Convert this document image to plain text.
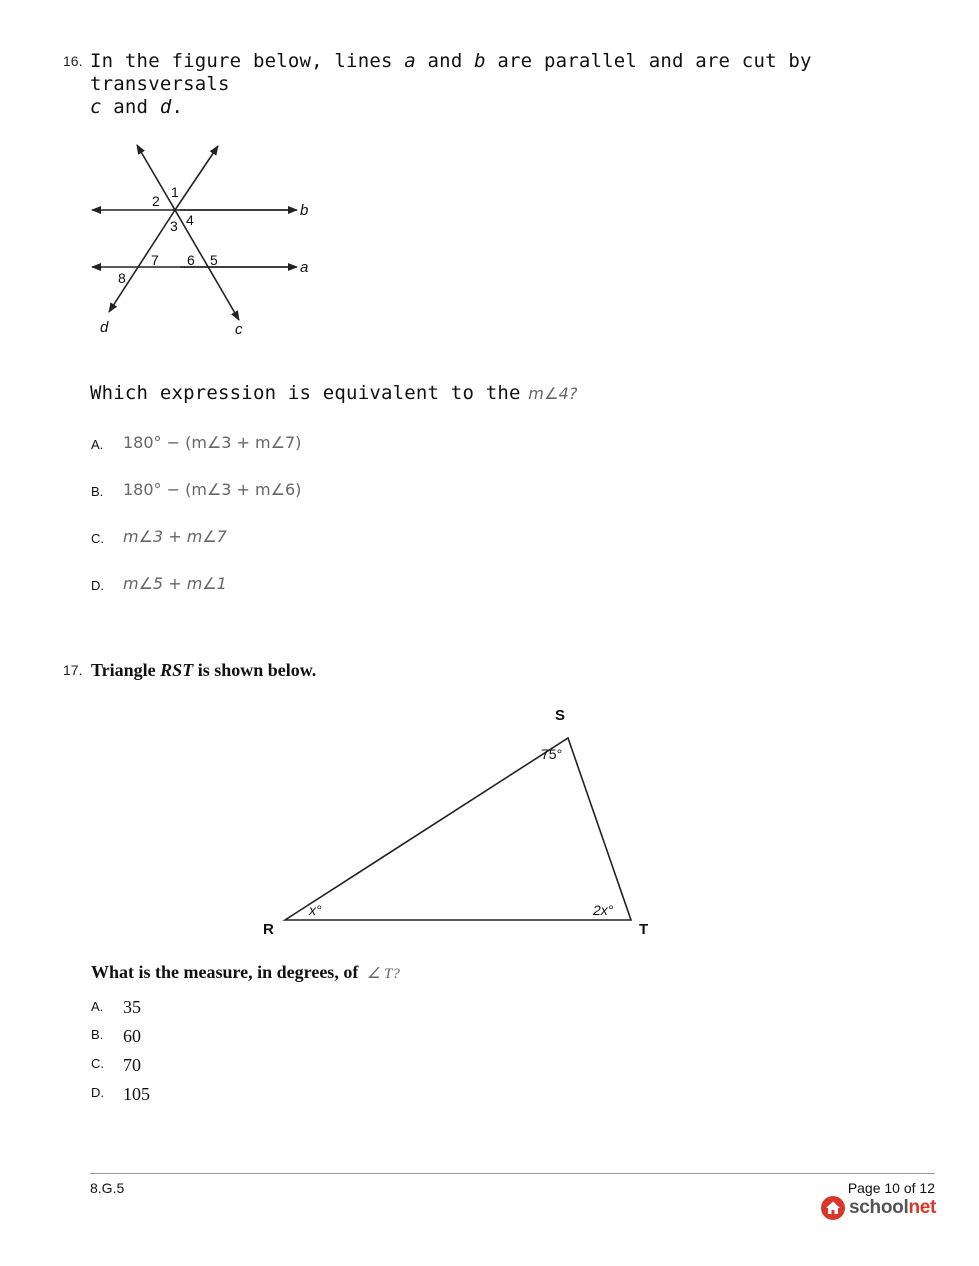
16. In the figure below, lines a and b are parallel and are cut by transversals
c and d.
1
2
3 4
5
6
7
8
b
a
d	c
Which expression is equivalent to the m∠4?
A. 180° − (m∠3 + m∠7)
B. 180° − (m∠3 + m∠6)
C. m∠3 + m∠7
D. m∠5 + m∠1
17. Triangle RST is shown below.
S
R	T
75°
x°	2x°
What is the measure, in degrees, of ∠ T?
A. 35
B. 60
C. 70
D. 105
8.G.5	Page 10 of 12
schoolnet
